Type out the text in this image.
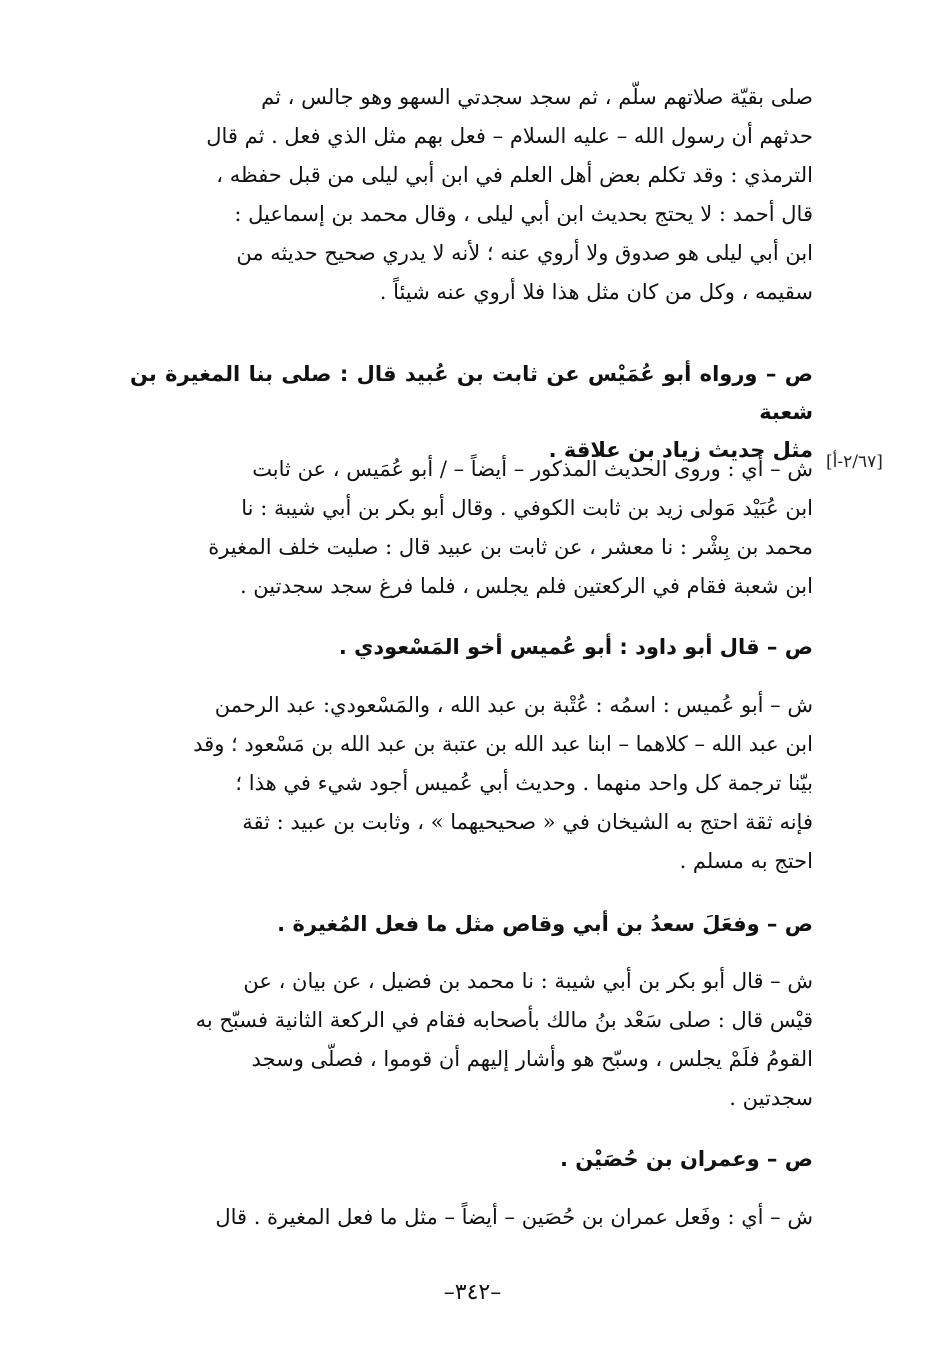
[٢/٦٧-أ]
صلى بقيّة صلاتهم سلّم ، ثم سجد سجدتي السهو وهو جالس ، ثم
حدثهم أن رسول الله – عليه السلام – فعل بهم مثل الذي فعل . ثم قال
الترمذي : وقد تكلم بعض أهل العلم في ابن أبي ليلى من قبل حفظه ،
قال أحمد : لا يحتج بحديث ابن أبي ليلى ، وقال محمد بن إسماعيل :
ابن أبي ليلى هو صدوق ولا أروي عنه ؛ لأنه لا يدري صحيح حديثه من
سقيمه ، وكل من كان مثل هذا فلا أروي عنه شيئاً .
ص – ورواه أبو عُمَيْس عن ثابت بن عُبيد قال : صلى بنا المغيرة بن شعبة
مثل حديث زياد بن علاقة .
ش – أي : وروى الحديث المذكور – أيضاً – / أبو عُمَيس ، عن ثابت
ابن عُبَيْد مَولى زيد بن ثابت الكوفي . وقال أبو بكر بن أبي شيبة : نا
محمد بن بِشْر : نا معشر ، عن ثابت بن عبيد قال : صليت خلف المغيرة
ابن شعبة فقام في الركعتين فلم يجلس ، فلما فرغ سجد سجدتين .
ص – قال أبو داود : أبو عُميس أخو المَسْعودي .
ش – أبو عُميس : اسمُه : عُتْبة بن عبد الله ، والمَسْعودي: عبد الرحمن
ابن عبد الله – كلاهما – ابنا عبد الله بن عتبة بن عبد الله بن مَسْعود ؛ وقد
بيّنا ترجمة كل واحد منهما . وحديث أبي عُميس أجود شيء في هذا ؛
فإنه ثقة احتج به الشيخان في « صحيحيهما » ، وثابت بن عبيد : ثقة
احتج به مسلم .
ص – وفعَلَ سعدُ بن أبي وقاص مثل ما فعل المُغيرة .
ش – قال أبو بكر بن أبي شيبة : نا محمد بن فضيل ، عن بيان ، عن
قيْس قال : صلى سَعْد بنُ مالك بأصحابه فقام في الركعة الثانية فسبّح به
القومُ فلَمْ يجلس ، وسبّح هو وأشار إليهم أن قوموا ، فصلّى وسجد
سجدتين .
ص – وعمران بن حُصَيْن .
ش – أي : وفَعل عمران بن حُصَين – أيضاً – مثل ما فعل المغيرة . قال
–٣٤٢–
